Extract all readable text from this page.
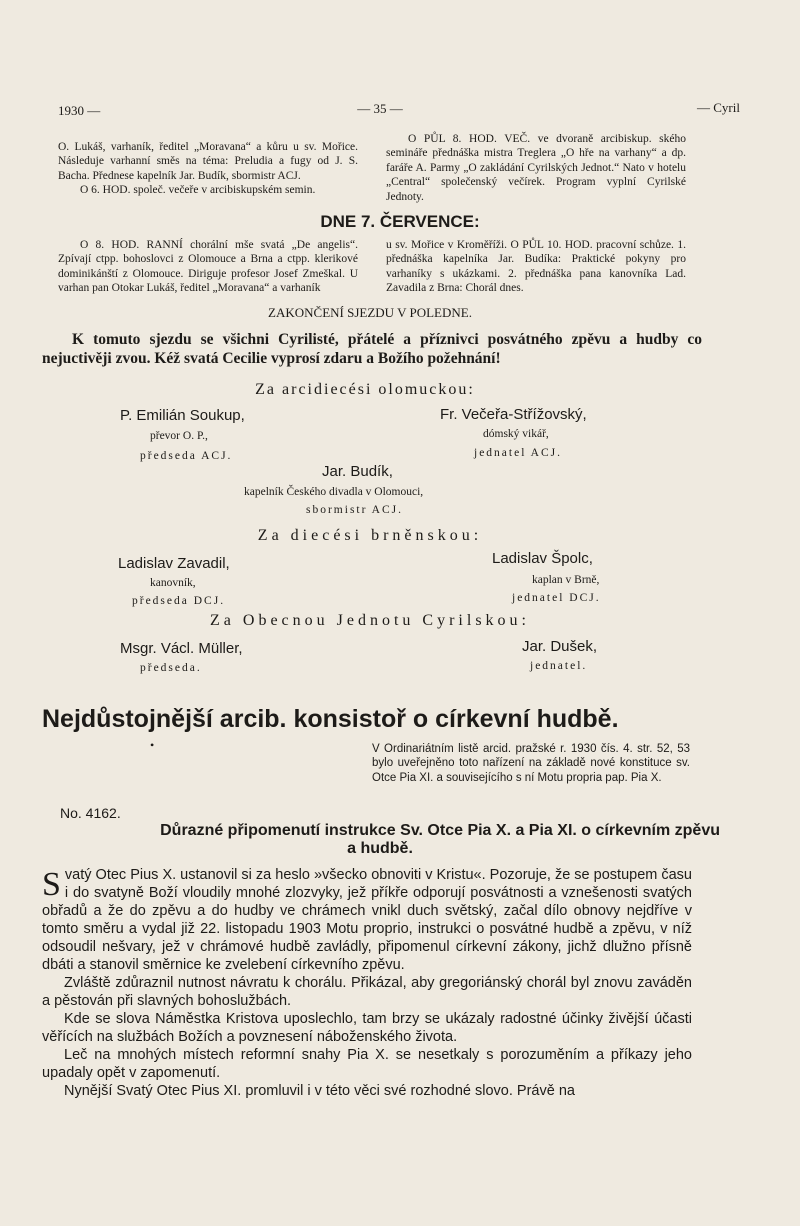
1930 —	— 35 —	— Cyril

O. Lukáš, varhaník, ředitel „Moravana“ a kůru u sv. Mořice. Následuje varhanní směs na téma: Preludia a fugy od J. S. Bacha. Přednese kapelník Jar. Budík, sbormistr ACJ.

O 6. HOD. společ. večeře v arcibiskupském semin.

O PŮL 8. HOD. VEČ. ve dvoraně arcibiskup. ského semináře přednáška mistra Treglera „O hře na varhany“ a dp. faráře A. Parmy „O zakládání Cyrilských Jednot.“ Nato v hotelu „Central“ společenský večírek. Program vyplní Cyrilské Jednoty.

DNE 7. ČERVENCE:

O 8. HOD. RANNÍ chorální mše svatá „De angelis“. Zpívají ctpp. bohoslovci z Olomouce a Brna a ctpp. klerikové dominikánští z Olomouce. Diriguje profesor Josef Zmeškal. U varhan pan Otokar Lukáš, ředitel „Moravana“ a varhaník

u sv. Mořice v Kroměříži. O PŮL 10. HOD. pracovní schůze. 1. přednáška kapelníka Jar. Budíka: Praktické pokyny pro varhaníky s ukázkami. 2. přednáška pana kanovníka Lad. Zavadila z Brna: Chorál dnes.

ZAKONČENÍ SJEZDU V POLEDNE.
K tomuto sjezdu se všichni Cyrilisté, přátelé a příznivci posvátného zpěvu a hudby co nejuctivěji zvou. Kéž svatá Cecilie vyprosí zdaru a Božího požehnání!
Za arcidiecési olomuckou:
P. Emilián Soukup,
převor O. P.,
předseda ACJ.
Fr. Večeřa-Střížovský,
dómský vikář,
jednatel ACJ.
Jar. Budík,
kapelník Českého divadla v Olomouci,
sbormistr ACJ.
Za diecési brněnskou:
Ladislav Zavadil,
kanovník,
předseda DCJ.
Ladislav Špolc,
kaplan v Brně,
jednatel DCJ.
Za Obecnou Jednotu Cyrilskou:
Msgr. Václ. Müller,
předseda.
Jar. Dušek,
jednatel.
Nejdůstojnější arcib. konsistoř o církevní hudbě.
•	V Ordinariátním listě arcid. pražské r. 1930 čís. 4. str. 52, 53 bylo uveřejněno toto nařízení na základě nové konstituce sv. Otce Pia XI. a souvisejícího s ní Motu propria pap. Pia X.
No. 4162.
Důrazné připomenutí instrukce Sv. Otce Pia X. a Pia XI. o církevním zpěvu
a hudbě.

Svatý Otec Pius X. ustanovil si za heslo »všecko obnoviti v Kristu«. Pozoruje, že se postupem času i do svatyně Boží vloudily mnohé zlozvyky, jež příkře odporují posvátnosti a vznešenosti svatých obřadů a že do zpěvu a do hudby ve chrámech vnikl duch světský, začal dílo obnovy nejdříve v tomto směru a vydal již 22. listopadu 1903 Motu proprio, instrukci o posvátné hudbě a zpěvu, v níž odsoudil nešvary, jež v chrámové hudbě zavládly, připomenul církevní zákony, jichž dlužno přísně dbáti a stanovil směrnice ke zvelebení církevního zpěvu.

Zvláště zdůraznil nutnost návratu k chorálu. Přikázal, aby gregoriánský chorál byl znovu zaváděn a pěstován při slavných bohoslužbách.

Kde se slova Náměstka Kristova uposlechlo, tam brzy se ukázaly radostné účinky živější účasti věřících na službách Božích a povznesení náboženského života.

Leč na mnohých místech reformní snahy Pia X. se nesetkaly s porozuměním a příkazy jeho upadaly opět v zapomenutí.

Nynější Svatý Otec Pius XI. promluvil i v této věci své rozhodné slovo. Právě na
